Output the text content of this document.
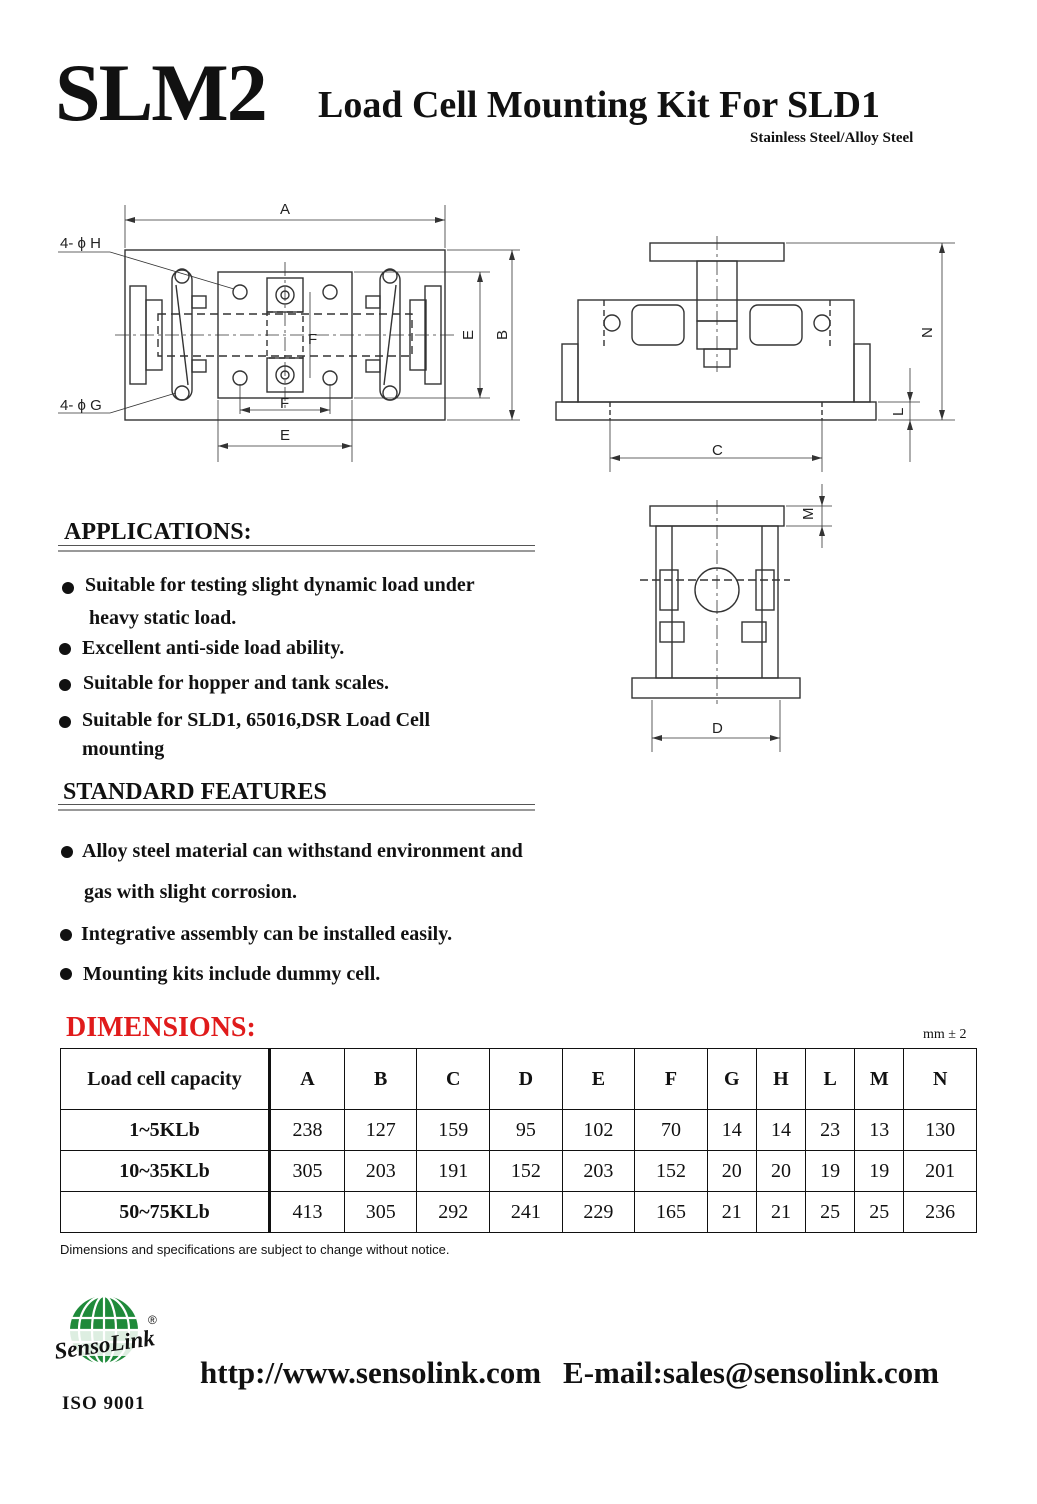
SLM2 Load Cell Mounting Kit For SLD1
Stainless Steel/Alloy Steel
A
B
E
F
F
E
4- ϕ H
4- ϕ G
C
N
L
M
D
APPLICATIONS:
Suitable for testing slight dynamic load under
heavy static load.
Excellent anti-side load ability.
Suitable for hopper and tank scales.
Suitable for SLD1, 65016,DSR Load Cell
mounting
STANDARD FEATURES
Alloy steel material can withstand environment and
gas with slight corrosion.
Integrative assembly can be installed easily.
Mounting kits include dummy cell.
DIMENSIONS:	mm ± 2
Load cell capacity	A	B	C	D	E	F	G	H	L	M	N
1~5KLb	238	127	159	95	102	70	14	14	23	13	130
10~35KLb	305	203	191	152	203	152	20	20	19	19	201
50~75KLb	413	305	292	241	229	165	21	21	25	25	236
Dimensions and specifications are subject to change without notice.
SensoLink
®
ISO 9001
http://www.sensolink.com E-mail:sales@sensolink.com
